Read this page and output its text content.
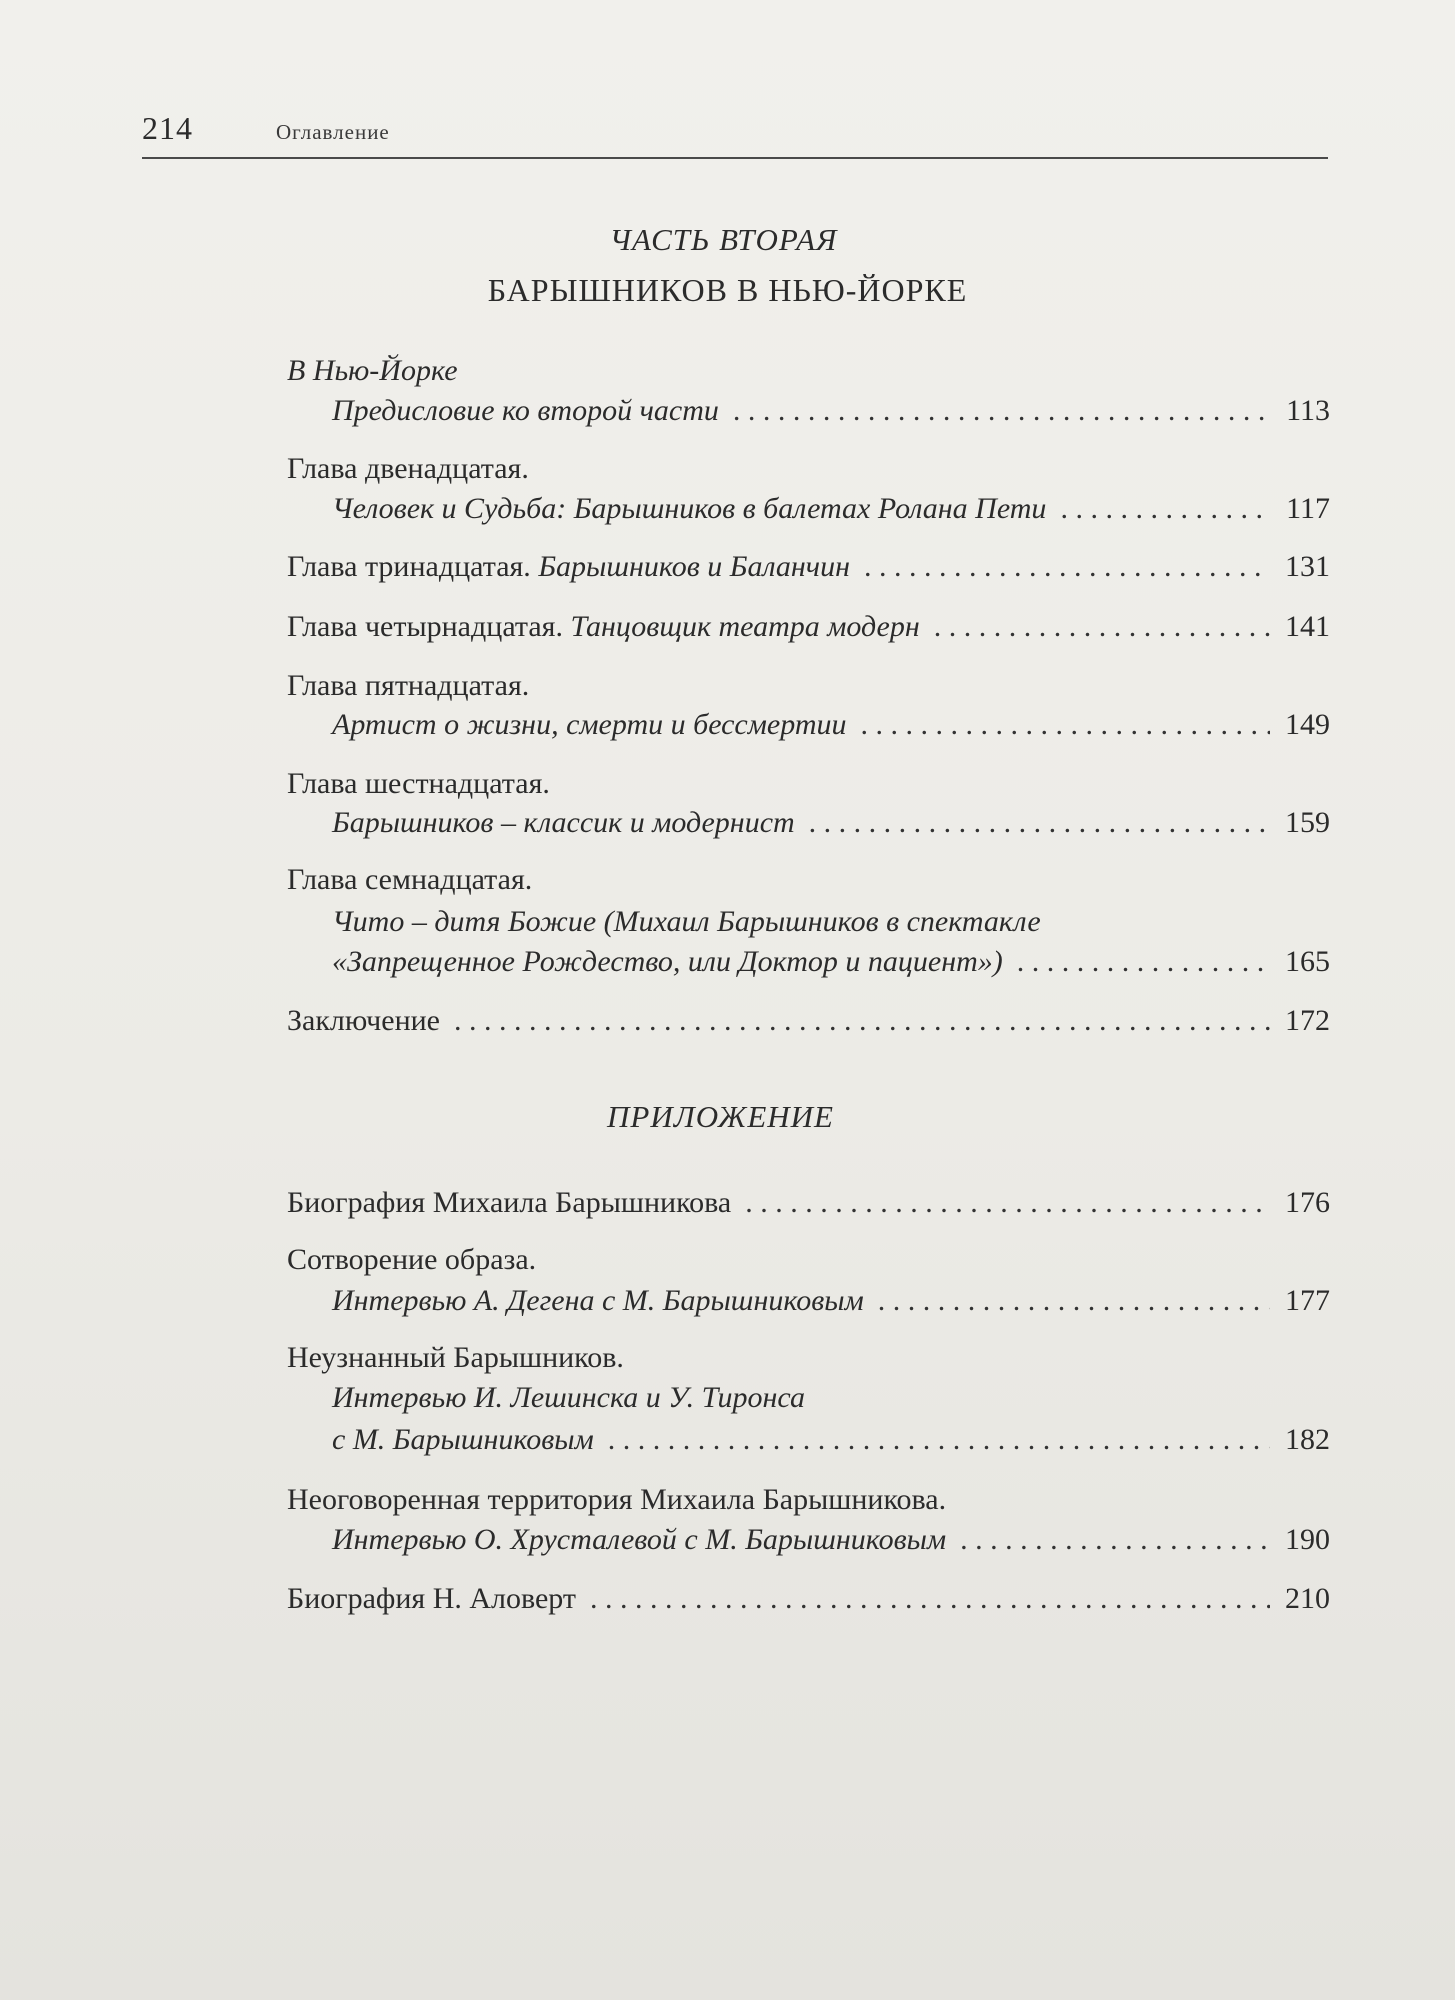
214	Оглавление
ЧАСТЬ ВТОРАЯ
БАРЫШНИКОВ В НЬЮ-ЙОРКЕ
В Нью-Йорке
Предисловие ко второй части . . .	113
Глава двенадцатая.
Человек и Судьба: Барышников в балетах Ролана Пети . . .	117
Глава тринадцатая.
Барышников и Баланчин . . .	131
Глава четырнадцатая.
Танцовщик театра модерн . . .	141
Глава пятнадцатая.
Артист о жизни, смерти и бессмертии . . .	149
Глава шестнадцатая.
Барышников – классик и модернист . . .	159
Глава семнадцатая.
Чито – дитя Божие (Михаил Барышников в спектакле
«Запрещенное Рождество, или Доктор и пациент») . . .	165
Заключение . . .	172
ПРИЛОЖЕНИЕ
Биография Михаила Барышникова . . .	176
Сотворение образа.
Интервью А. Дегена с М. Барышниковым . . .	177
Неузнанный Барышников.
Интервью И. Лешинска и У. Тиронса
с М. Барышниковым . . .	182
Неоговоренная территория Михаила Барышникова.
Интервью О. Хрусталевой с М. Барышниковым . . .	190
Биография Н. Аловерт . . .	210
